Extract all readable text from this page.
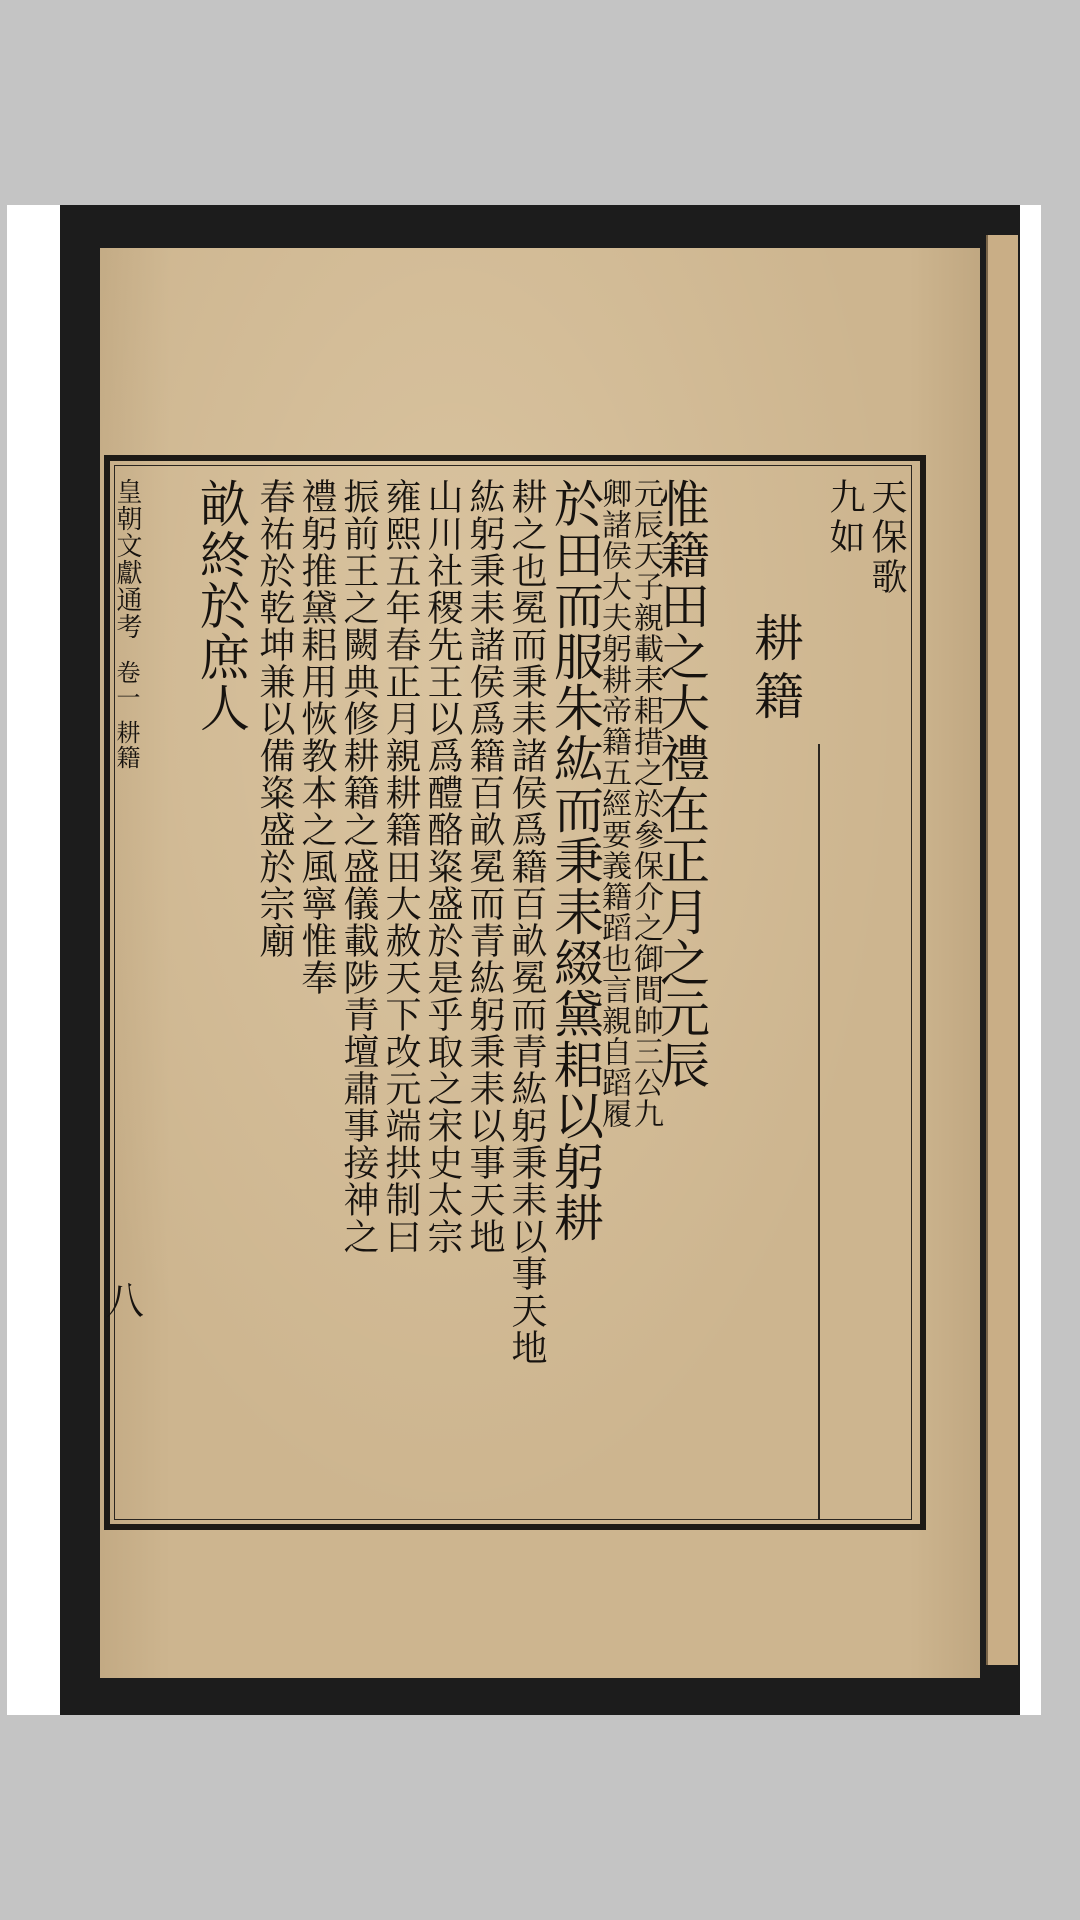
天保歌
九如
耕籍
惟籍田之大禮在正月之元辰
元辰天子親載耒耜措之於參保介之御間帥三公九
卿諸侯大夫躬耕帝籍五經要義籍蹈也言親自蹈履
於田而服朱紘而秉耒綴黛耜以躬耕
耕之也冕而秉耒諸侯爲籍百畝冕而青紘躬秉耒以事天地
紘躬秉耒諸侯爲籍百畝冕而青紘躬秉耒以事天地
山川社稷先王以爲醴酪粢盛於是乎取之宋史太宗
雍熙五年春正月親耕籍田大赦天下改元端拱制曰
振前王之闕典修耕籍之盛儀載陟青壇肅事接神之
禮躬推黛耜用恢教本之風寧惟奉
春祐於乾坤兼以備粢盛於宗廟
畝終於庶人
皇朝文獻通考
卷一
耕籍
八
